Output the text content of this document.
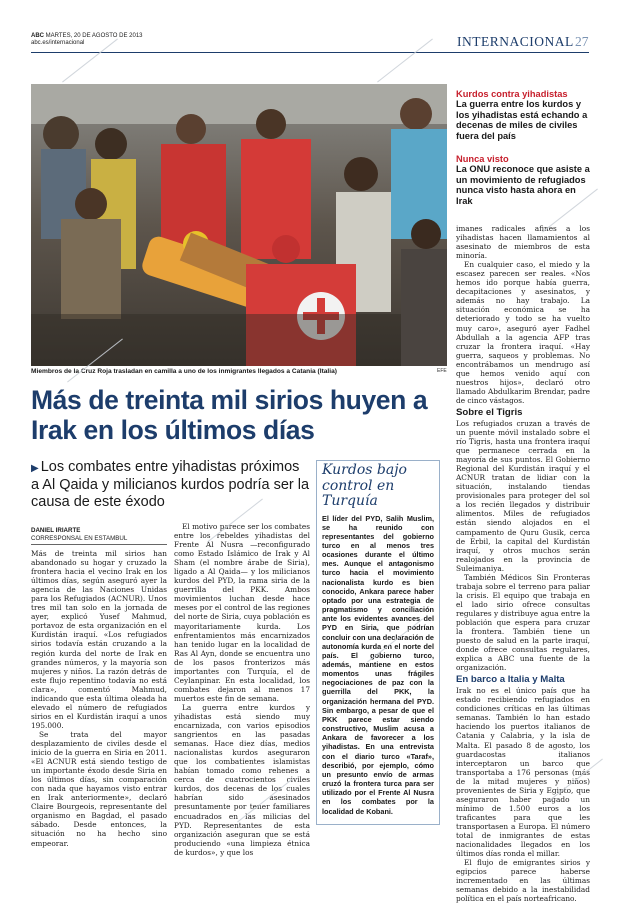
ABC MARTES, 20 DE AGOSTO DE 2013
abc.es/internacional	INTERNACIONAL 27
Miembros de la Cruz Roja trasladan en camilla a uno de los inmigrantes llegados a Catania (Italia)	EFE
Más de treinta mil sirios huyen a Irak en los últimos días
▶ Los combates entre yihadistas próximos a Al Qaida y milicianos kurdos podría ser la causa de este éxodo
DANIEL IRIARTE
CORRESPONSAL EN ESTAMBUL

Más de treinta mil sirios han abandonado su hogar y cruzado la frontera hacia el vecino Irak en los últimos días, según aseguró ayer la agencia de las Naciones Unidas para los Refugiados (ACNUR). Unos tres mil tan solo en la jornada de ayer, explicó Yusef Mahmud, portavoz de esta organización en el Kurdistán iraquí. «Los refugiados sirios todavía están cruzando a la región kurda del norte de Irak en grandes números, y la mayoría son mujeres y niños. La razón detrás de este flujo repentino todavía no está clara», comentó Mahmud, indicando que esta última oleada ha elevado el número de refugiados sirios en el Kurdistán iraquí a unos 195.000.

Se trata del mayor desplazamiento de civiles desde el inicio de la guerra en Siria en 2011. «El ACNUR está siendo testigo de un importante éxodo desde Siria en los últimos días, sin comparación con nada que hayamos visto entrar en Irak anteriormente», declaró Claire Bourgeois, representante del organismo en Bagdad, el pasado sábado. Desde entonces, la situación no ha hecho sino empeorar.

El motivo parece ser los combates entre los rebeldes yihadistas del Frente Al Nusra —reconfigurado como Estado Islámico de Irak y Al Sham (el nombre árabe de Siria), ligado a Al Qaida— y los milicianos kurdos del PYD, la rama siria de la guerrilla del PKK. Ambos movimientos luchan desde hace meses por el control de las regiones del norte de Siria, cuya población es mayoritariamente kurda. Los enfrentamientos más encarnizados han tenido lugar en la localidad de Ras Al Ayn, donde se encuentra uno de los pasos fronterizos más importantes con Turquía, el de Ceylanpinar. En esta localidad, los combates dejaron al menos 17 muertos este fin de semana.

La guerra entre kurdos y yihadistas está siendo muy encarnizada, con varios episodios sangrientos en las pasadas semanas. Hace diez días, medios nacionalistas kurdos aseguraron que los combatientes islamistas habían tomado como rehenes a cerca de cuatrocientos civiles kurdos, dos decenas de los cuales habrían sido asesinados presuntamente por tener familiares encuadrados en las milicias del PYD. Representantes de esta organización aseguran que se está produciendo «una limpieza étnica de kurdos», y que los

Kurdos bajo control en Turquía

El líder del PYD, Salih Muslim, se ha reunido con representantes del gobierno turco en al menos tres ocasiones durante el último mes. Aunque el antagonismo turco hacia el movimiento nacionalista kurdo es bien conocido, Ankara parece haber optado por una estrategia de pragmatismo y conciliación ante los evidentes avances del PYD en Siria, que podrían concluir con una declaración de autonomía kurda en el norte del país. El gobierno turco, además, mantiene en estos momentos unas frágiles negociaciones de paz con la guerrilla del PKK, la organización hermana del PYD. Sin embargo, a pesar de que el PKK parece estar siendo constructivo, Muslim acusa a Ankara de favorecer a los yihadistas. En una entrevista con el diario turco «Taraf», describió, por ejemplo, cómo un presunto envío de armas cruzó la frontera turca para ser utilizado por el Frente Al Nusra en los combates por la localidad de Kobani.

Kurdos contra yihadistas
La guerra entre los kurdos y los yihadistas está echando a decenas de miles de civiles fuera del país
Nunca visto
La ONU reconoce que asiste a un movimiento de refugiados nunca visto hasta ahora en Irak

imanes radicales afines a los yihadistas hacen llamamientos al asesinato de miembros de esta minoría.

En cualquier caso, el miedo y la escasez parecen ser reales. «Nos hemos ido porque había guerra, decapitaciones y asesinatos, y además no hay trabajo. La situación económica se ha deteriorado y todo se ha vuelto muy caro», aseguró ayer Fadhel Abdullah a la agencia AFP tras cruzar la frontera iraquí. «Hay guerra, saqueos y problemas. No encontrábamos un mendrugo así que hemos venido aquí con nuestros hijos», declaró otro llamado Abdulkarim Brendar, padre de cinco vástagos.

Sobre el Tigris

Los refugiados cruzan a través de un puente móvil instalado sobre el río Tigris, hasta una frontera iraquí que permanece cerrada en la mayoría de sus puntos. El Gobierno Regional del Kurdistán iraquí y el ACNUR tratan de lidiar con la situación, instalando tiendas provisionales para proteger del sol a los recién llegados y distribuir alimentos. Miles de refugiados están siendo alojados en el campamento de Quru Gusik, cerca de Erbil, la capital del Kurdistán iraquí, y otros muchos serán realojados en la provincia de Suleimaniya.

También Médicos Sin Fronteras trabaja sobre el terreno para paliar la crisis. El equipo que trabaja en el lado sirio ofrece consultas regulares y distribuye agua entre la población que espera para cruzar la frontera. También tiene un puesto de salud en la parte iraquí, donde ofrece consultas regulares, explica a ABC una fuente de la organización.

En barco a Italia y Malta

Irak no es el único país que ha estado recibiendo refugiados en condiciones críticas en las últimas semanas. También lo han estado haciendo los puertos italianos de Catania y Calabria, y la isla de Malta. El pasado 8 de agosto, los guardacostas italianos interceptaron un barco que transportaba a 176 personas (más de la mitad mujeres y niños) provenientes de Siria y Egipto, que aseguraron haber pagado un mínimo de 1.500 euros a los traficantes para que les transportasen a Europa. El número total de inmigrantes de estas nacionalidades llegados en los últimos días ronda el millar.

El flujo de emigrantes sirios y egipcios parece haberse incrementado en las últimas semanas debido a la inestabilidad política en el país norteafricano.
